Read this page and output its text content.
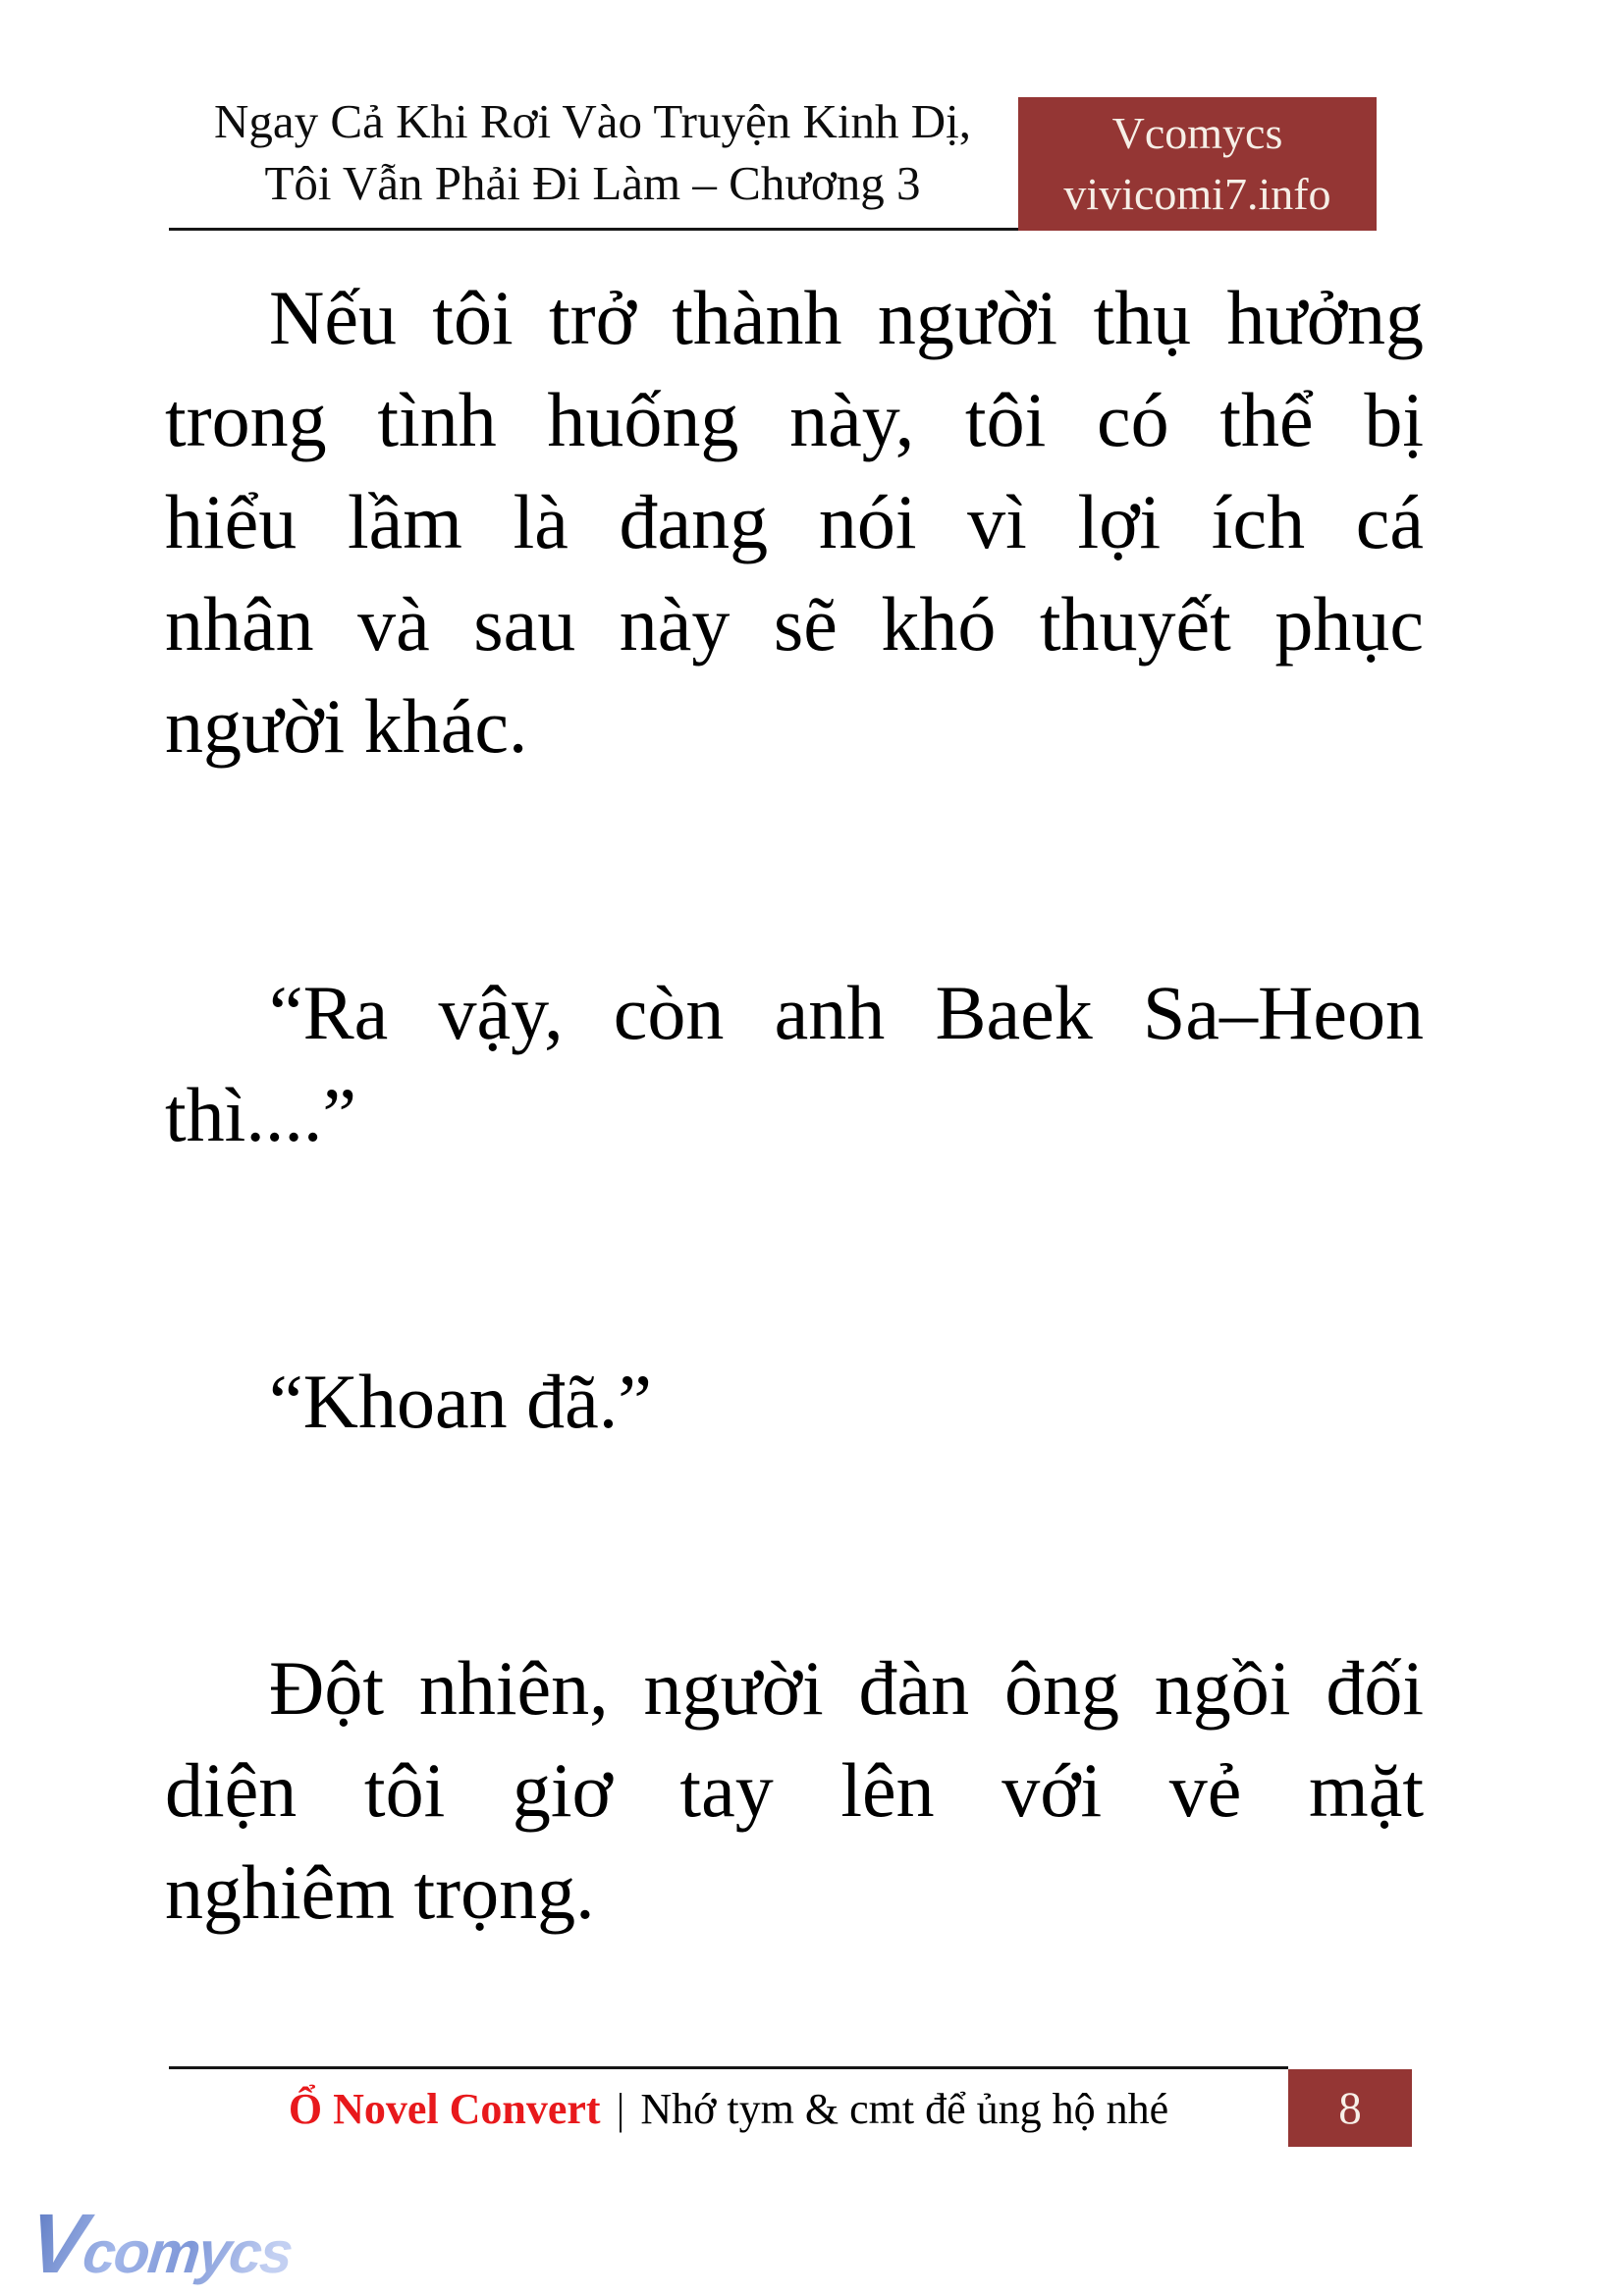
Ngay Cả Khi Rơi Vào Truyện Kinh Dị,
Tôi Vẫn Phải Đi Làm – Chương 3
Vcomycs
vivicomi7.info

Nếu tôi trở thành người thụ hưởng
trong tình huống này, tôi có thể bị
hiểu lầm là đang nói vì lợi ích cá
nhân và sau này sẽ khó thuyết phục
người khác.

“Ra vậy, còn anh Baek Sa–Heon
thì....”

“Khoan đã.”

Đột nhiên, người đàn ông ngồi đối
diện tôi giơ tay lên với vẻ mặt
nghiêm trọng.

Ổ Novel Convert | Nhớ tym & cmt để ủng hộ nhé	8
Vcomycs
